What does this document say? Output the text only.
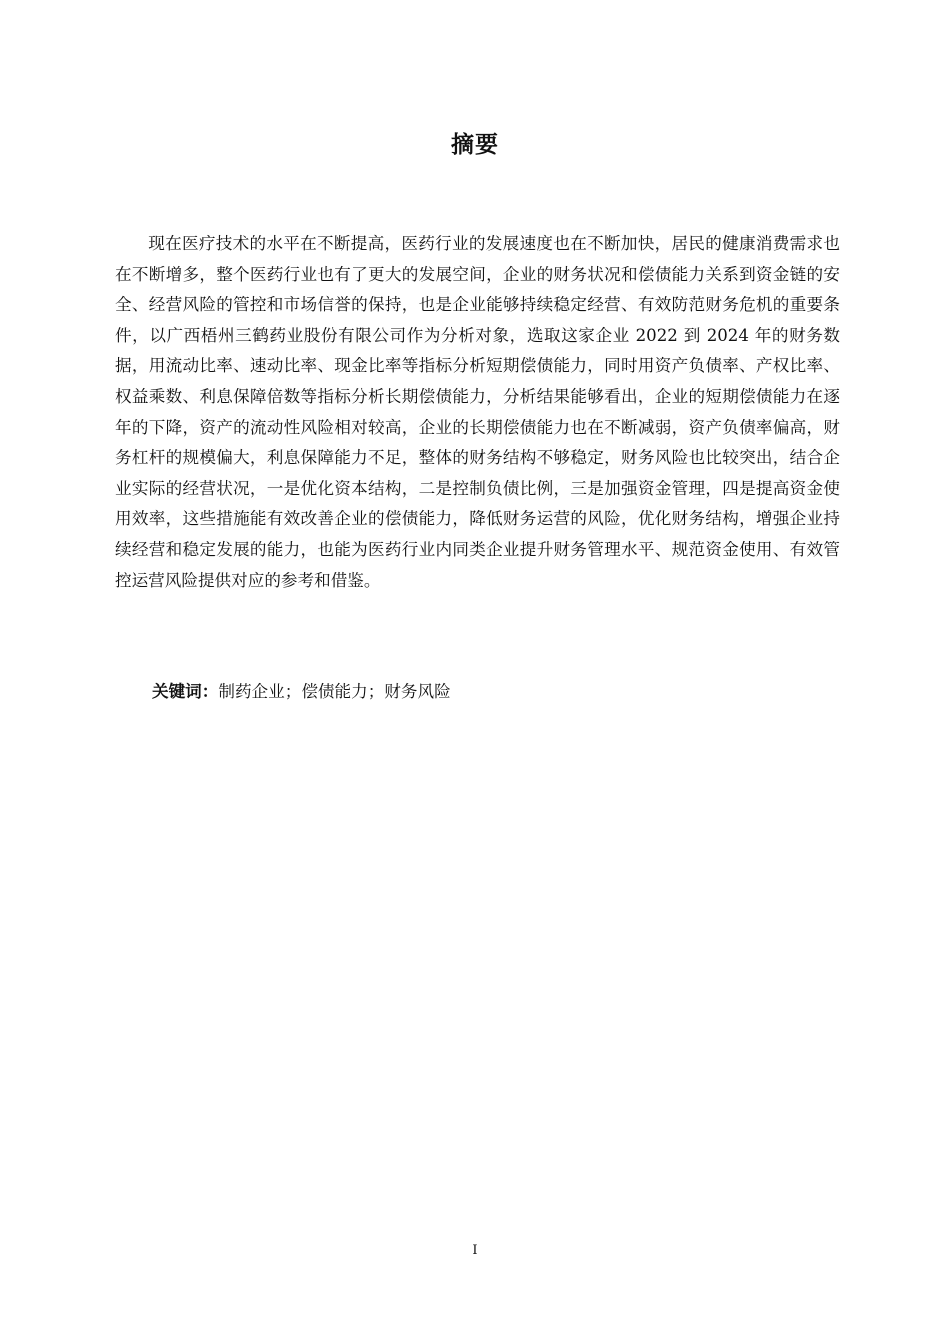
摘要

现在医疗技术的水平在不断提高，医药行业的发展速度也在不断加快，居民的健康消费需求也在不断增多，整个医药行业也有了更大的发展空间，企业的财务状况和偿债能力关系到资金链的安全、经营风险的管控和市场信誉的保持，也是企业能够持续稳定经营、有效防范财务危机的重要条件，以广西梧州三鹤药业股份有限公司作为分析对象，选取这家企业 2022 到 2024 年的财务数据，用流动比率、速动比率、现金比率等指标分析短期偿债能力，同时用资产负债率、产权比率、权益乘数、利息保障倍数等指标分析长期偿债能力，分析结果能够看出，企业的短期偿债能力在逐年的下降，资产的流动性风险相对较高，企业的长期偿债能力也在不断减弱，资产负债率偏高，财务杠杆的规模偏大，利息保障能力不足，整体的财务结构不够稳定，财务风险也比较突出，结合企业实际的经营状况，一是优化资本结构，二是控制负债比例，三是加强资金管理，四是提高资金使用效率，这些措施能有效改善企业的偿债能力，降低财务运营的风险，优化财务结构，增强企业持续经营和稳定发展的能力，也能为医药行业内同类企业提升财务管理水平、规范资金使用、有效管控运营风险提供对应的参考和借鉴。

关键词：制药企业；偿债能力；财务风险
I
